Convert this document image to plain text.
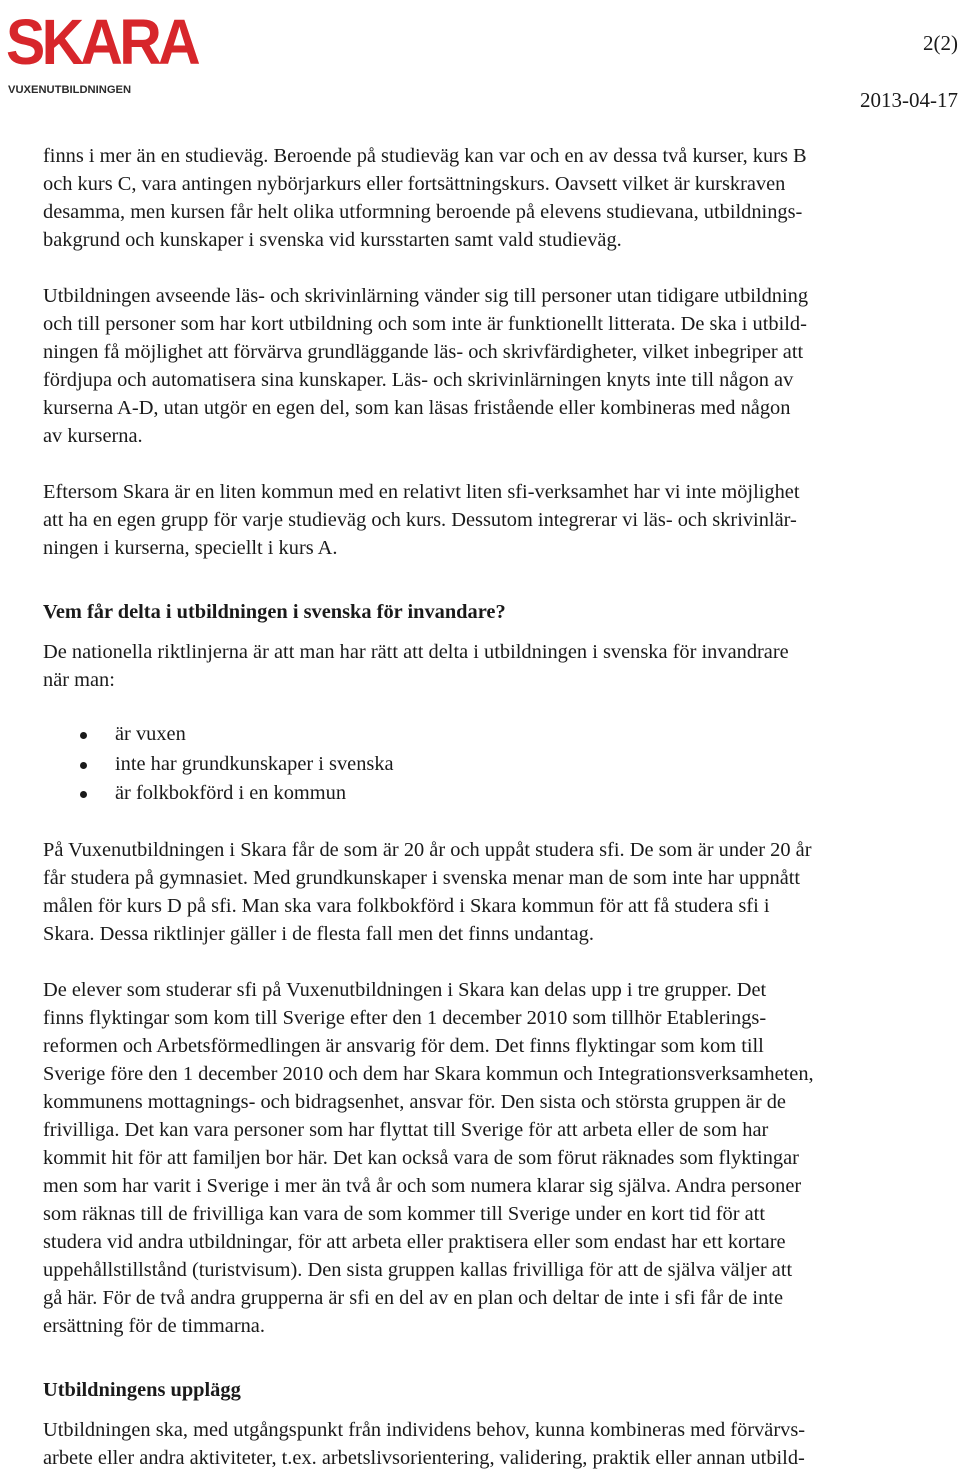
SKARA
VUXENUTBILDNINGEN
2(2)
2013-04-17

finns i mer än en studieväg. Beroende på studieväg kan var och en av dessa två kurser, kurs B
och kurs C, vara antingen nybörjarkurs eller fortsättningskurs. Oavsett vilket är kurskraven
desamma, men kursen får helt olika utformning beroende på elevens studievana, utbildnings-
bakgrund och kunskaper i svenska vid kursstarten samt vald studieväg.

Utbildningen avseende läs- och skrivinlärning vänder sig till personer utan tidigare utbildning
och till personer som har kort utbildning och som inte är funktionellt litterata. De ska i utbild-
ningen få möjlighet att förvärva grundläggande läs- och skrivfärdigheter, vilket inbegriper att
fördjupa och automatisera sina kunskaper. Läs- och skrivinlärningen knyts inte till någon av
kurserna A-D, utan utgör en egen del, som kan läsas fristående eller kombineras med någon
av kurserna.

Eftersom Skara är en liten kommun med en relativt liten sfi-verksamhet har vi inte möjlighet
att ha en egen grupp för varje studieväg och kurs. Dessutom integrerar vi läs- och skrivinlär-
ningen i kurserna, speciellt i kurs A.

Vem får delta i utbildningen i svenska för invandare?

De nationella riktlinjerna är att man har rätt att delta i utbildningen i svenska för invandrare
när man:

är vuxen
inte har grundkunskaper i svenska
är folkbokförd i en kommun

På Vuxenutbildningen i Skara får de som är 20 år och uppåt studera sfi. De som är under 20 år
får studera på gymnasiet. Med grundkunskaper i svenska menar man de som inte har uppnått
målen för kurs D på sfi. Man ska vara folkbokförd i Skara kommun för att få studera sfi i
Skara. Dessa riktlinjer gäller i de flesta fall men det finns undantag.

De elever som studerar sfi på Vuxenutbildningen i Skara kan delas upp i tre grupper. Det
finns flyktingar som kom till Sverige efter den 1 december 2010 som tillhör Etablerings-
reformen och Arbetsförmedlingen är ansvarig för dem. Det finns flyktingar som kom till
Sverige före den 1 december 2010 och dem har Skara kommun och Integrationsverksamheten,
kommunens mottagnings- och bidragsenhet, ansvar för. Den sista och största gruppen är de
frivilliga. Det kan vara personer som har flyttat till Sverige för att arbeta eller de som har
kommit hit för att familjen bor här. Det kan också vara de som förut räknades som flyktingar
men som har varit i Sverige i mer än två år och som numera klarar sig själva. Andra personer
som räknas till de frivilliga kan vara de som kommer till Sverige under en kort tid för att
studera vid andra utbildningar, för att arbeta eller praktisera eller som endast har ett kortare
uppehållstillstånd (turistvisum). Den sista gruppen kallas frivilliga för att de själva väljer att
gå här. För de två andra grupperna är sfi en del av en plan och deltar de inte i sfi får de inte
ersättning för de timmarna.

Utbildningens upplägg

Utbildningen ska, med utgångspunkt från individens behov, kunna kombineras med förvärvs-
arbete eller andra aktiviteter, t.ex. arbetslivsorientering, validering, praktik eller annan utbild-
